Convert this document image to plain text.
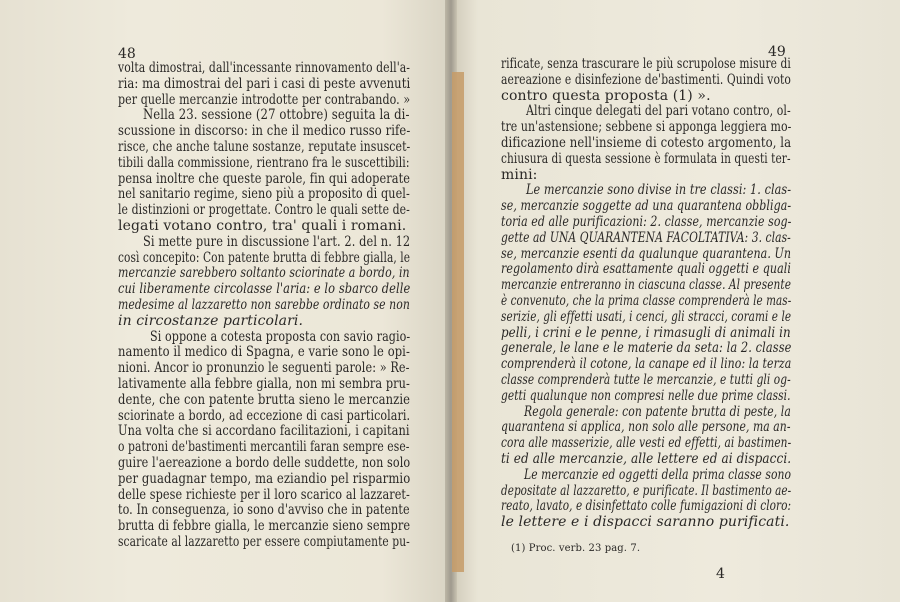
48
volta dimostrai, dall'incessante rinnovamento dell'a-
ria: ma dimostrai del pari i casi di peste avvenuti
per quelle mercanzie introdotte per contrabando. »
Nella 23. sessione (27 ottobre) seguita la di-
scussione in discorso: in che il medico russo rife-
risce, che anche talune sostanze, reputate insuscet-
tibili dalla commissione, rientrano fra le suscettibili:
pensa inoltre che queste parole, fin qui adoperate
nel sanitario regime, sieno più a proposito di quel-
le distinzioni or progettate. Contro le quali sette de-
legati votano contro, tra' quali i romani.
Si mette pure in discussione l'art. 2. del n. 12
così concepito: Con patente brutta di febbre gialla, le
mercanzie sarebbero soltanto sciorinate a bordo, in
cui liberamente circolasse l'aria: e lo sbarco delle
medesime al lazzaretto non sarebbe ordinato se non
in circostanze particolari.
Si oppone a cotesta proposta con savio ragio-
namento il medico di Spagna, e varie sono le opi-
nioni. Ancor io pronunzio le seguenti parole: » Re-
lativamente alla febbre gialla, non mi sembra pru-
dente, che con patente brutta sieno le mercanzie
sciorinate a bordo, ad eccezione di casi particolari.
Una volta che si accordano facilitazioni, i capitani
o patroni de'bastimenti mercantili faran sempre ese-
guire l'aereazione a bordo delle suddette, non solo
per guadagnar tempo, ma eziandio pel risparmio
delle spese richieste per il loro scarico al lazzaret-
to. In conseguenza, io sono d'avviso che in patente
brutta di febbre gialla, le mercanzie sieno sempre
scaricate al lazzaretto per essere compiutamente pu-
49
rificate, senza trascurare le più scrupolose misure di
aereazione e disinfezione de'bastimenti. Quindi voto
contro questa proposta (1) ».
Altri cinque delegati del pari votano contro, ol-
tre un'astensione; sebbene si apponga leggiera mo-
dificazione nell'insieme di cotesto argomento, la
chiusura di questa sessione è formulata in questi ter-
mini:
Le mercanzie sono divise in tre classi: 1. clas-
se, mercanzie soggette ad una quarantena obbliga-
toria ed alle purificazioni: 2. classe, mercanzie sog-
gette ad UNA QUARANTENA FACOLTATIVA: 3. clas-
se, mercanzie esenti da qualunque quarantena. Un
regolamento dirà esattamente quali oggetti e quali
mercanzie entreranno in ciascuna classe. Al presente
è convenuto, che la prima classe comprenderà le mas-
serizie, gli effetti usati, i cenci, gli stracci, corami e le
pelli, i crini e le penne, i rimasugli di animali in
generale, le lane e le materie da seta: la 2. classe
comprenderà il cotone, la canape ed il lino: la terza
classe comprenderà tutte le mercanzie, e tutti gli og-
getti qualunque non compresi nelle due prime classi.
Regola generale: con patente brutta di peste, la
quarantena si applica, non solo alle persone, ma an-
cora alle masserizie, alle vesti ed effetti, ai bastimen-
ti ed alle mercanzie, alle lettere ed ai dispacci.
Le mercanzie ed oggetti della prima classe sono
depositate al lazzaretto, e purificate. Il bastimento ae-
reato, lavato, e disinfettato colle fumigazioni di cloro:
le lettere e i dispacci saranno purificati.
(1) Proc. verb. 23 pag. 7.
4
